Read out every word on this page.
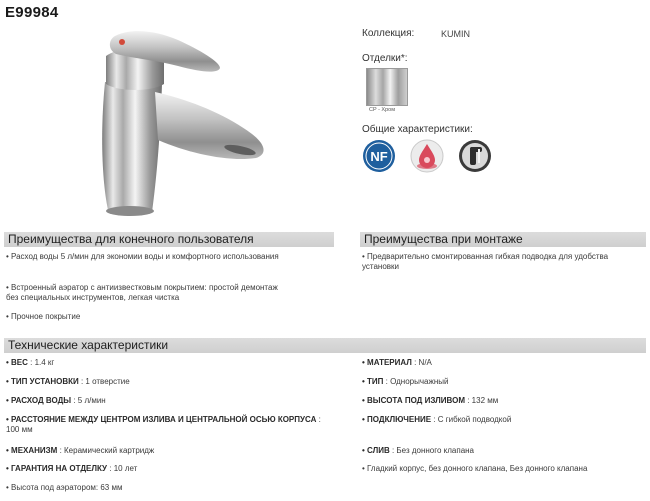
E99984
Коллекция:	KUMIN
Отделки*:
CP - Хром
Общие характеристики:
NF
Преимущества для конечного пользователя	Преимущества при монтаже
• Расход воды 5 л/мин для экономии воды и комфортного использования
• Встроенный аэратор с антиизвестковым покрытием: простой демонтаж
без специальных инструментов, легкая чистка
• Прочное покрытие
• Предварительно смонтированная гибкая подводка для удобства
установки
Технические характеристики
• ВЕС : 1.4 кг
• ТИП УСТАНОВКИ : 1 отверстие
• РАСХОД ВОДЫ : 5 л/мин
• РАССТОЯНИЕ МЕЖДУ ЦЕНТРОМ ИЗЛИВА И ЦЕНТРАЛЬНОЙ ОСЬЮ КОРПУСА :
100 мм
• МЕХАНИЗМ : Керамический картридж
• ГАРАНТИЯ НА ОТДЕЛКУ : 10 лет
• Высота под аэратором: 63 мм
• МАТЕРИАЛ : N/A
• ТИП : Однорычажный
• ВЫСОТА ПОД ИЗЛИВОМ : 132 мм
• ПОДКЛЮЧЕНИЕ : С гибкой подводкой
• СЛИВ : Без донного клапана
• Гладкий корпус, без донного клапана, Без донного клапана
